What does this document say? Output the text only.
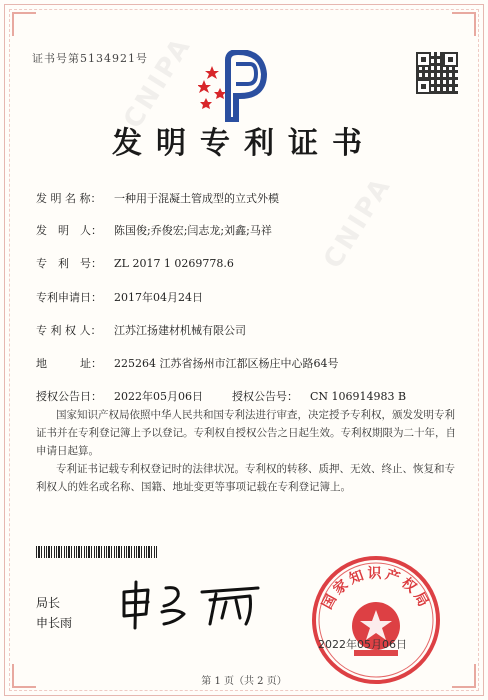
CNIPA
CNIPA
证书号第5134921号
发明专利证书
发 明 名 称： 一种用于混凝土管成型的立式外模
发　明　人： 陈国俊;乔俊宏;闫志龙;刘鑫;马祥
专　利　号： ZL 2017 1 0269778.6
专利申请日： 2017年04月24日
专 利 权 人： 江苏江扬建材机械有限公司
地　　　址： 225264 江苏省扬州市江都区杨庄中心路64号
授权公告日： 2022年05月06日	授权公告号： CN 106914983 B
国家知识产权局依照中华人民共和国专利法进行审查，决定授予专利权，颁发发明专利证书并在专利登记簿上予以登记。专利权自授权公告之日起生效。专利权期限为二十年，自申请日起算。
专利证书记载专利权登记时的法律状况。专利权的转移、质押、无效、终止、恢复和专利权人的姓名或名称、国籍、地址变更等事项记载在专利登记簿上。
局长
申长雨
国家知识产权局
2022年05月06日
第 1 页（共 2 页）
